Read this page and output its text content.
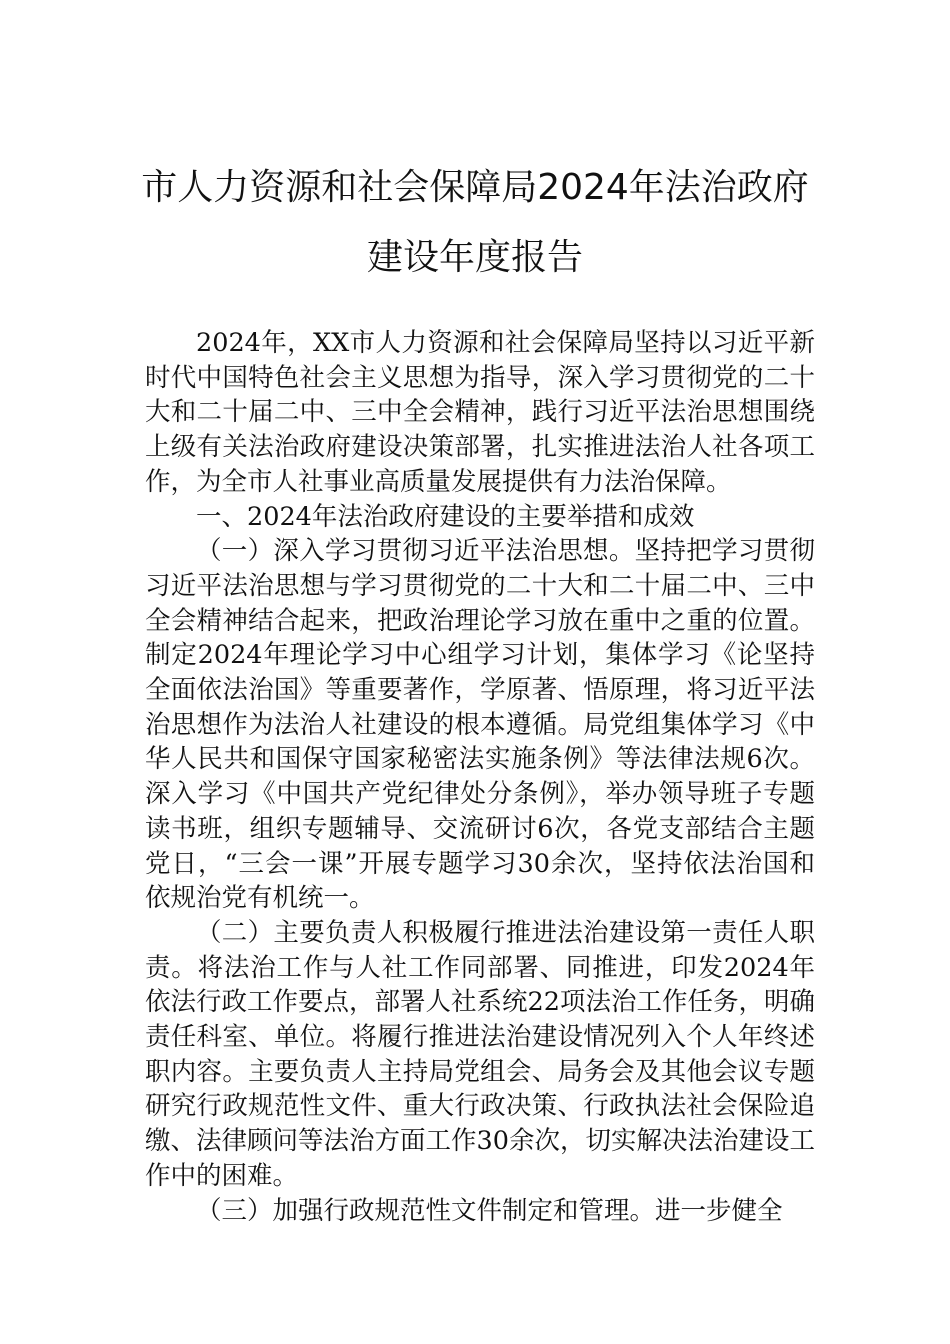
市人力资源和社会保障局2024年法治政府
建设年度报告

2024年，XX市人力资源和社会保障局坚持以习近平新时代中国特色社会主义思想为指导，深入学习贯彻党的二十大和二十届二中、三中全会精神，践行习近平法治思想围绕上级有关法治政府建设决策部署，扎实推进法治人社各项工作，为全市人社事业高质量发展提供有力法治保障。

一、2024年法治政府建设的主要举措和成效

（一）深入学习贯彻习近平法治思想。坚持把学习贯彻习近平法治思想与学习贯彻党的二十大和二十届二中、三中全会精神结合起来，把政治理论学习放在重中之重的位置。制定2024年理论学习中心组学习计划，集体学习《论坚持全面依法治国》等重要著作，学原著、悟原理，将习近平法治思想作为法治人社建设的根本遵循。局党组集体学习《中华人民共和国保守国家秘密法实施条例》等法律法规6次。深入学习《中国共产党纪律处分条例》，举办领导班子专题读书班，组织专题辅导、交流研讨6次，各党支部结合主题党日，“三会一课”开展专题学习30余次，坚持依法治国和依规治党有机统一。

（二）主要负责人积极履行推进法治建设第一责任人职责。将法治工作与人社工作同部署、同推进，印发2024年依法行政工作要点，部署人社系统22项法治工作任务，明确责任科室、单位。将履行推进法治建设情况列入个人年终述职内容。主要负责人主持局党组会、局务会及其他会议专题研究行政规范性文件、重大行政决策、行政执法社会保险追缴、法律顾问等法治方面工作30余次，切实解决法治建设工作中的困难。

（三）加强行政规范性文件制定和管理。进一步健全
